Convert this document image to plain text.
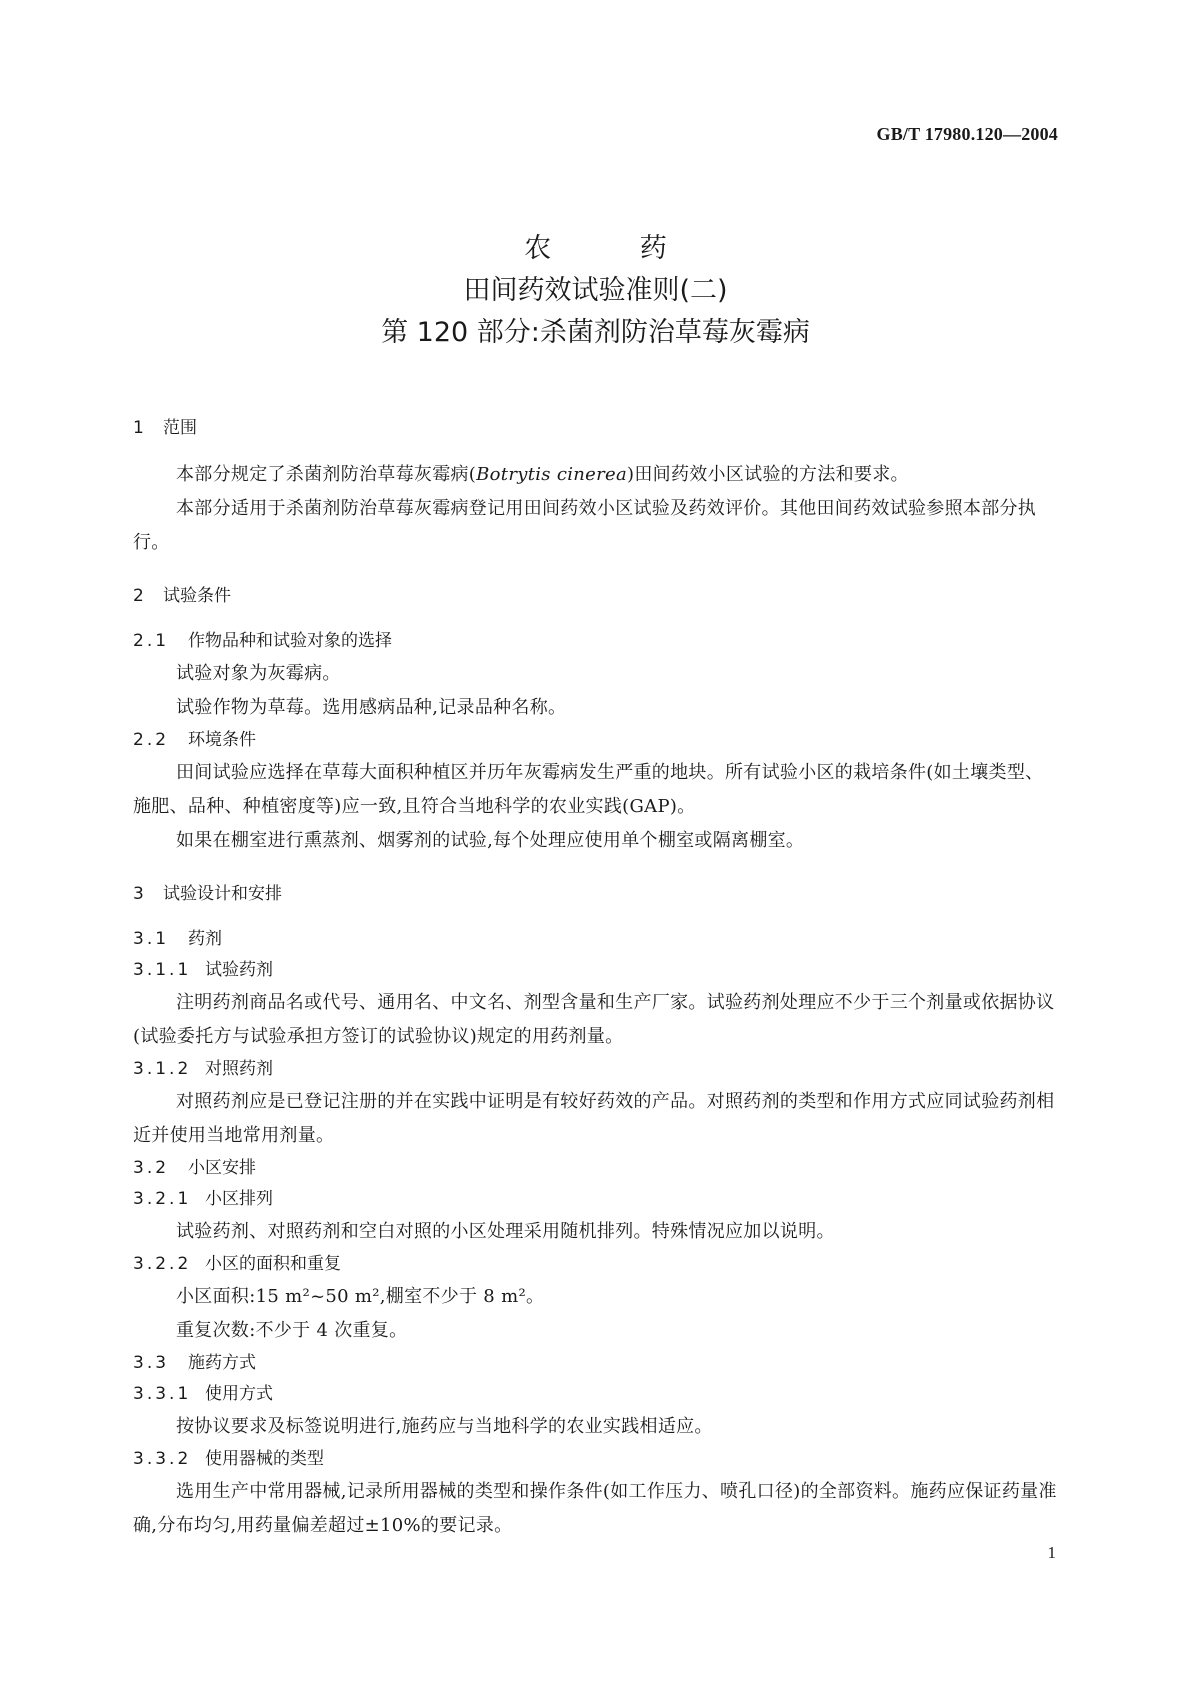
GB/T 17980.120—2004
农 药
田间药效试验准则(二)
第 120 部分:杀菌剂防治草莓灰霉病
1 范围
本部分规定了杀菌剂防治草莓灰霉病(Botrytis cinerea)田间药效小区试验的方法和要求。
本部分适用于杀菌剂防治草莓灰霉病登记用田间药效小区试验及药效评价。其他田间药效试验参照本部分执行。
2 试验条件
2.1 作物品种和试验对象的选择
试验对象为灰霉病。
试验作物为草莓。选用感病品种,记录品种名称。
2.2 环境条件
田间试验应选择在草莓大面积种植区并历年灰霉病发生严重的地块。所有试验小区的栽培条件(如土壤类型、施肥、品种、种植密度等)应一致,且符合当地科学的农业实践(GAP)。
如果在棚室进行熏蒸剂、烟雾剂的试验,每个处理应使用单个棚室或隔离棚室。
3 试验设计和安排
3.1 药剂
3.1.1 试验药剂
注明药剂商品名或代号、通用名、中文名、剂型含量和生产厂家。试验药剂处理应不少于三个剂量或依据协议(试验委托方与试验承担方签订的试验协议)规定的用药剂量。
3.1.2 对照药剂
对照药剂应是已登记注册的并在实践中证明是有较好药效的产品。对照药剂的类型和作用方式应同试验药剂相近并使用当地常用剂量。
3.2 小区安排
3.2.1 小区排列
试验药剂、对照药剂和空白对照的小区处理采用随机排列。特殊情况应加以说明。
3.2.2 小区的面积和重复
小区面积:15 m²~50 m²,棚室不少于 8 m²。
重复次数:不少于 4 次重复。
3.3 施药方式
3.3.1 使用方式
按协议要求及标签说明进行,施药应与当地科学的农业实践相适应。
3.3.2 使用器械的类型
选用生产中常用器械,记录所用器械的类型和操作条件(如工作压力、喷孔口径)的全部资料。施药应保证药量准确,分布均匀,用药量偏差超过±10%的要记录。
1
